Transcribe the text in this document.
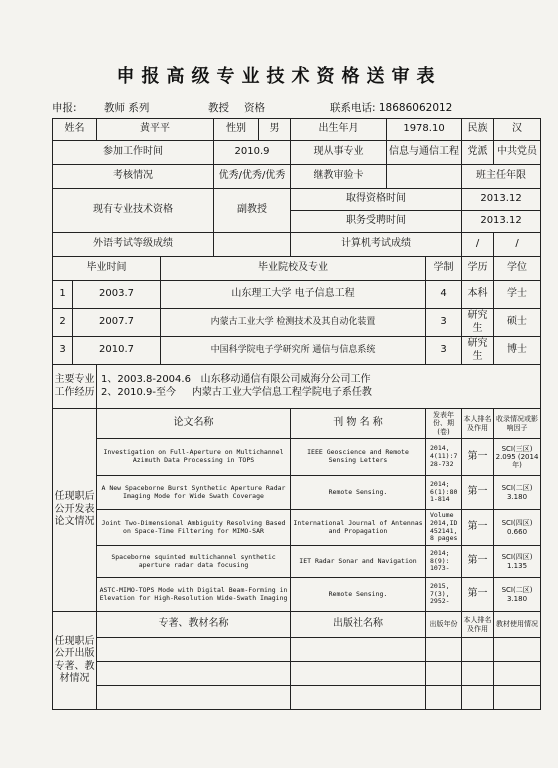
申报高级专业技术资格送审表
申报:	教师 系列	教授 资格	联系电话: 18686062012
姓名		黄平平		性别	男	出生年月	1978.10		民族	汉
参加工作时间				2010.9		现从事专业	信息与通信工程		党派	中共党员
考核情况				优秀/优秀/优秀		继教审验卡			班主任年限	
现有专业技术资格				副教授		取得资格时间			2013.12	
						职务受聘时间			2013.12	
外语考试等级成绩						计算机考试成绩			/	/
毕业时间			毕业院校及专业					学制	学历	学位
1	2003.7		山东理工大学 电子信息工程					4	本科	学士
2	2007.7		内蒙古工业大学 检测技术及其自动化装置					3	研究生	硕士
3	2010.7		中国科学院电子学研究所 通信与信息系统					3	研究生	博士
主要专业工作经历		1、2003.8-2004.6   山东移动通信有限公司威海分公司工作
2、2010.9-至今     内蒙古工业大学信息工程学院电子系任教								

任现职后公开发表论文情况		论文名称				刊 物 名 称		发表年份、期(卷)	本人排名及作用	收录情况或影响因子
		Investigation on Full-Aperture on Multichannel Azimuth Data Processing in TOPS				IEEE Geoscience and Remote Sensing Letters		2014, 4(11):7 28-732	第一	SCI(三区) 2.095 (2014年)
		A New Spaceborne Burst Synthetic Aperture Radar Imaging Mode for Wide Swath Coverage				Remote Sensing.		2014; 6(1):80 1-814	第一	SCI(二区) 3.180
		Joint Two-Dimensional Ambiguity Resolving Based on Space-Time Filtering for MIMO-SAR				International Journal of Antennas and Propagation		Volume 2014,ID 452141, 8 pages	第一	SCI(四区) 0.660
		Spaceborne squinted multichannel synthetic aperture radar data focusing				IET Radar Sonar and Navigation		2014; 8(9): 1073-	第一	SCI(四区) 1.135
		ASTC-MIMO-TOPS Mode with Digital Beam-Forming in Elevation for High-Resolution Wide-Swath Imaging				Remote Sensing.		2015, 7(3), 2952-	第一	SCI(二区) 3.180
任现职后公开出版专著、教材情况		专著、教材名称				出版社名称		出版年份	本人排名及作用	教材使用情况
